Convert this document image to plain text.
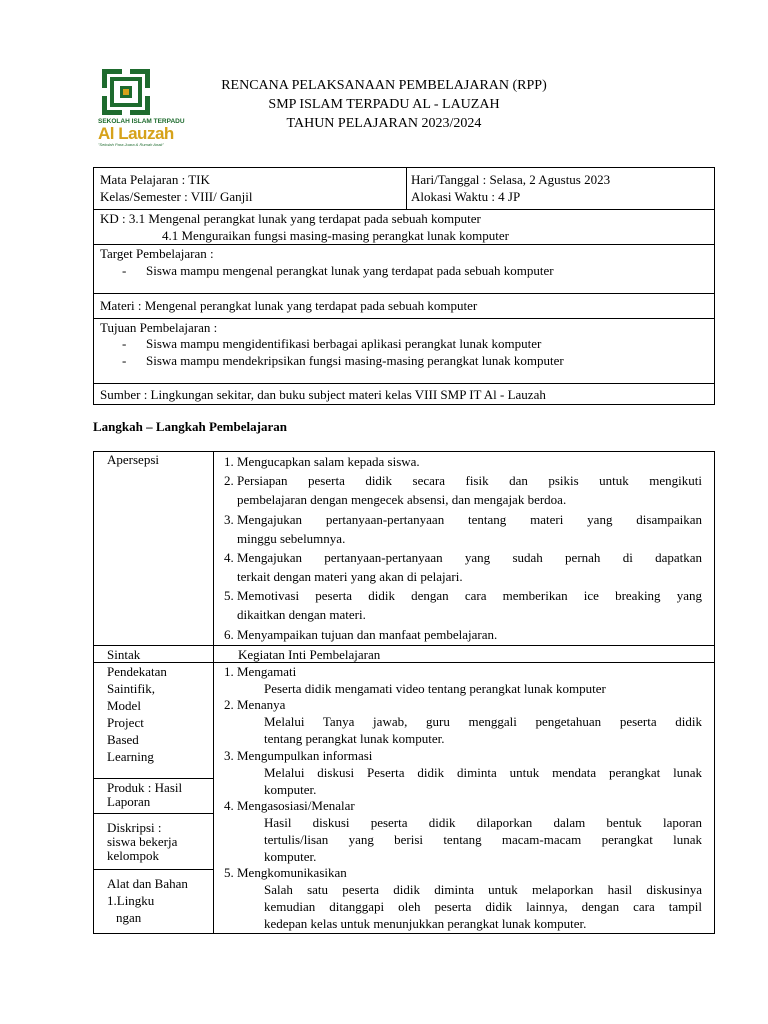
SEKOLAH ISLAM TERPADU
Al Lauzah
"Sekolah Para Juara & Rumah Anak"
RENCANA PELAKSANAAN PEMBELAJARAN (RPP)
SMP ISLAM TERPADU AL - LAUZAH
TAHUN PELAJARAN 2023/2024
Mata Pelajaran : TIK
Kelas/Semester : VIII/ Ganjil
Hari/Tanggal : Selasa, 2 Agustus 2023
Alokasi Waktu : 4 JP
KD : 3.1 Mengenal perangkat lunak yang terdapat pada sebuah komputer
4.1 Menguraikan fungsi masing-masing perangkat lunak komputer
Target Pembelajaran :
- Siswa mampu mengenal perangkat lunak yang terdapat pada sebuah komputer
Materi : Mengenal perangkat lunak yang terdapat pada sebuah komputer
Tujuan Pembelajaran :
- Siswa mampu mengidentifikasi berbagai aplikasi perangkat lunak komputer
- Siswa mampu mendekripsikan fungsi masing-masing perangkat lunak komputer
Sumber : Lingkungan sekitar, dan buku subject materi kelas VIII SMP IT Al - Lauzah
Langkah – Langkah Pembelajaran
Apersepsi	1. Mengucapkan salam kepada siswa.
2. Persiapan peserta didik secara fisik dan psikis untuk mengikuti
pembelajaran dengan mengecek absensi, dan mengajak berdoa.
3. Mengajukan pertanyaan-pertanyaan tentang materi yang disampaikan
minggu sebelumnya.
4. Mengajukan pertanyaan-pertanyaan yang sudah pernah di dapatkan
terkait dengan materi yang akan di pelajari.
5. Memotivasi peserta didik dengan cara memberikan ice breaking yang
dikaitkan dengan materi.
6. Menyampaikan tujuan dan manfaat pembelajaran.
Sintak	Kegiatan Inti Pembelajaran
Pendekatan
Saintifik,
Model
Project
Based
Learning
Produk : Hasil
Laporan
Diskripsi :
siswa bekerja
kelompok
Alat dan Bahan
1.Lingku
ngan
1. Mengamati
Peserta didik mengamati video tentang perangkat lunak komputer
2. Menanya
Melalui Tanya jawab, guru menggali pengetahuan peserta didik
tentang perangkat lunak komputer.
3. Mengumpulkan informasi
Melalui diskusi Peserta didik diminta untuk mendata perangkat lunak
komputer.
4. Mengasosiasi/Menalar
Hasil diskusi peserta didik dilaporkan dalam bentuk laporan
tertulis/lisan yang berisi tentang macam-macam perangkat lunak
komputer.
5. Mengkomunikasikan
Salah satu peserta didik diminta untuk melaporkan hasil diskusinya
kemudian ditanggapi oleh peserta didik lainnya, dengan cara tampil
kedepan kelas untuk menunjukkan perangkat lunak komputer.
